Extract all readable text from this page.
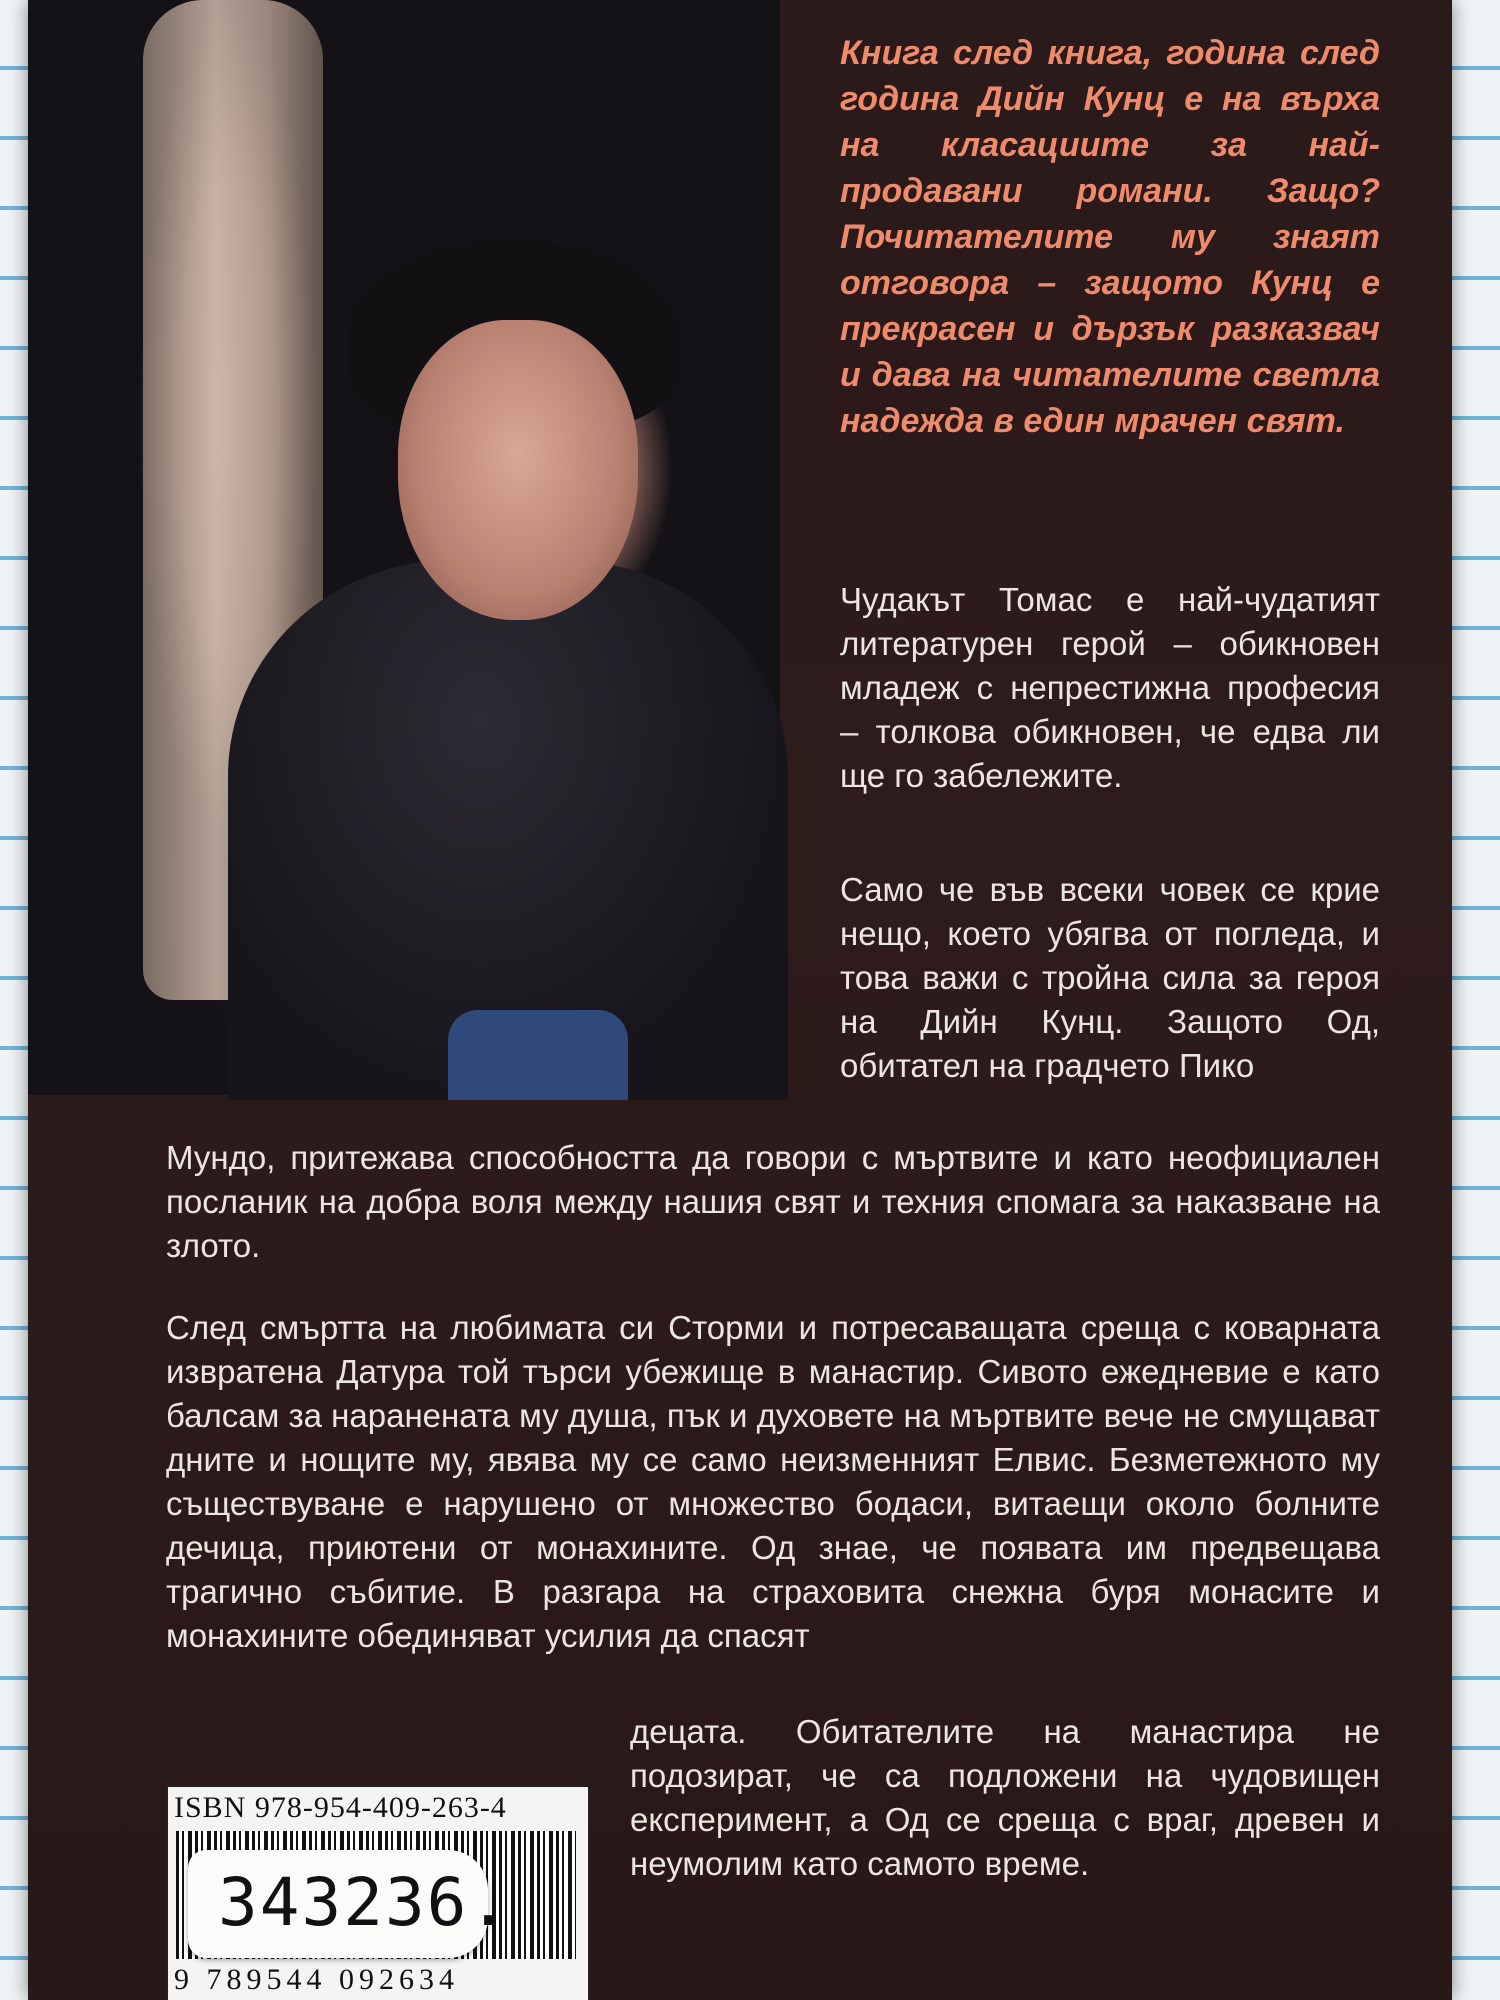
Книга след книга, година след година Дийн Кунц е на върха на класациите за най-продавани романи. Защо? Почитателите му знаят отговора – защото Кунц е прекрасен и дързък разказвач и дава на читателите светла надежда в един мрачен свят.

Чудакът Томас е най-чудатият литературен герой – обикновен младеж с непрестижна професия – толкова обикновен, че едва ли ще го забележите.

Само че във всеки човек се крие нещо, което убягва от погледа, и това важи с тройна сила за героя на Дийн Кунц. Защото Од, обитател на градчето Пико

Мундо, притежава способността да говори с мъртвите и като неофициален посланик на добра воля между нашия свят и техния спомага за наказване на злото.

След смъртта на любимата си Сторми и потресаващата среща с коварната извратена Датура той търси убежище в манастир. Сивото ежедневие е като балсам за наранената му душа, пък и духовете на мъртвите вече не смущават дните и нощите му, явява му се само неизменният Елвис. Безметежното му съществуване е нарушено от множество бодаси, витаещи около болните дечица, приютени от монахините. Од знае, че появата им предвещава трагично събитие. В разгара на страховита снежна буря монасите и монахините обединяват усилия да спасят

децата. Обитателите на манастира не подозират, че са подложени на чудовищен експеримент, а Од се среща с враг, древен и неумолим като самото време.

ISBN 978-954-409-263-4
9 789544 092634
343236.
